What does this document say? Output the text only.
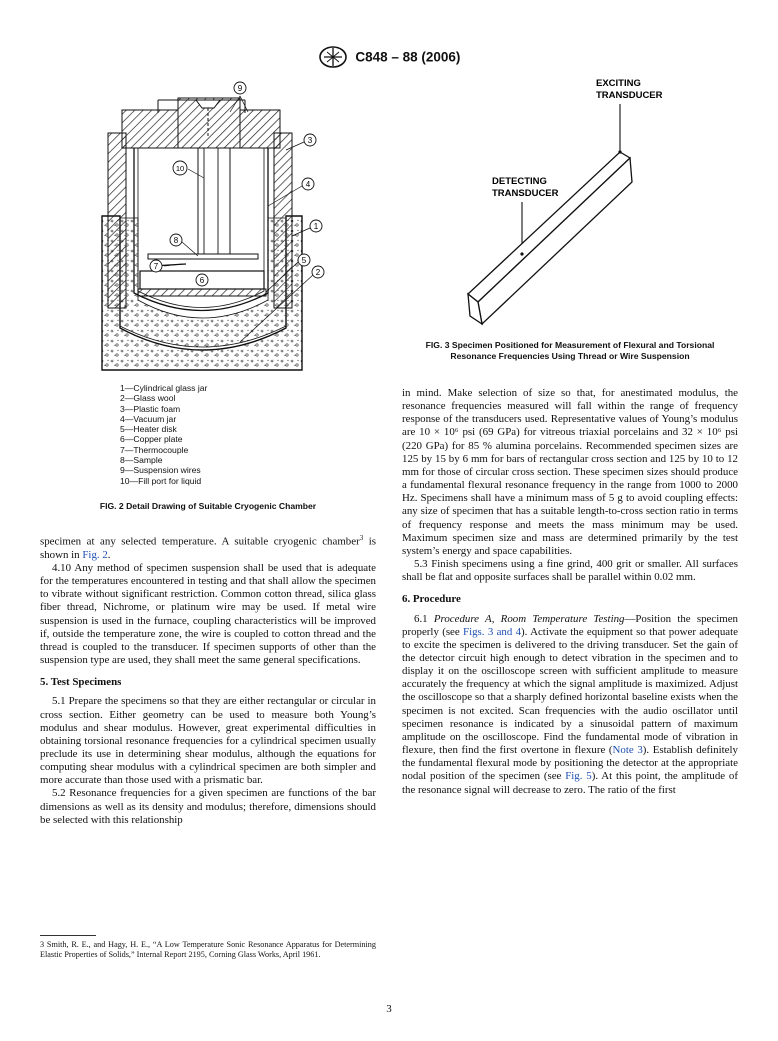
C848 – 88 (2006)
9
3
10
4
1
8
7
6
5
2
1—Cylindrical glass jar
2—Glass wool
3—Plastic foam
4—Vacuum jar
5—Heater disk
6—Copper plate
7—Thermocouple
8—Sample
9—Suspension wires
10—Fill port for liquid
FIG. 2 Detail Drawing of Suitable Cryogenic Chamber
EXCITING
TRANSDUCER
DETECTING
TRANSDUCER
FIG. 3 Specimen Positioned for Measurement of Flexural and Torsional Resonance Frequencies Using Thread or Wire Suspension

specimen at any selected temperature. A suitable cryogenic chamber$^3$ is shown in Fig. 2.

4.10 Any method of specimen suspension shall be used that is adequate for the temperatures encountered in testing and that shall allow the specimen to vibrate without significant restriction. Common cotton thread, silica glass fiber thread, Nichrome, or platinum wire may be used. If metal wire suspension is used in the furnace, coupling characteristics will be improved if, outside the temperature zone, the wire is coupled to cotton thread and the thread is coupled to the transducer. If specimen supports of other than the suspension type are used, they shall meet the same general specifications.

5. Test Specimens

5.1 Prepare the specimens so that they are either rectangular or circular in cross section. Either geometry can be used to measure both Young’s modulus and shear modulus. However, great experimental difficulties in obtaining torsional resonance frequencies for a cylindrical specimen usually preclude its use in determining shear modulus, although the equations for computing shear modulus with a cylindrical specimen are both simpler and more accurate than those used with a prismatic bar.

5.2 Resonance frequencies for a given specimen are functions of the bar dimensions as well as its density and modulus; therefore, dimensions should be selected with this relationship

3 Smith, R. E., and Hagy, H. E., “A Low Temperature Sonic Resonance Apparatus for Determining Elastic Properties of Solids,” Internal Report 2195, Corning Glass Works, April 1961.

in mind. Make selection of size so that, for anestimated modulus, the resonance frequencies measured will fall within the range of frequency response of the transducers used. Representative values of Young’s modulus are 10 × 10⁶ psi (69 GPa) for vitreous triaxial porcelains and 32 × 10⁶ psi (220 GPa) for 85 % alumina porcelains. Recommended specimen sizes are 125 by 15 by 6 mm for bars of rectangular cross section and 125 by 10 to 12 mm for those of circular cross section. These specimen sizes should produce a fundamental flexural resonance frequency in the range from 1000 to 2000 Hz. Specimens shall have a minimum mass of 5 g to avoid coupling effects: any size of specimen that has a suitable length-to-cross section ratio in terms of frequency response and meets the mass minimum may be used. Maximum specimen size and mass are determined primarily by the test system’s energy and space capabilities.

5.3 Finish specimens using a fine grind, 400 grit or smaller. All surfaces shall be flat and opposite surfaces shall be parallel within 0.02 mm.

6. Procedure

6.1 Procedure A, Room Temperature Testing—Position the specimen properly (see Figs. 3 and 4). Activate the equipment so that power adequate to excite the specimen is delivered to the driving transducer. Set the gain of the detector circuit high enough to detect vibration in the specimen and to display it on the oscilloscope screen with sufficient amplitude to measure accurately the frequency at which the signal amplitude is maximized. Adjust the oscilloscope so that a sharply defined horizontal baseline exists when the specimen is not excited. Scan frequencies with the audio oscillator until specimen resonance is indicated by a sinusoidal pattern of maximum amplitude on the oscilloscope. Find the fundamental mode of vibration in flexure, then find the first overtone in flexure (Note 3). Establish definitely the fundamental flexural mode by positioning the detector at the appropriate nodal position of the specimen (see Fig. 5). At this point, the amplitude of the resonance signal will decrease to zero. The ratio of the first

3
